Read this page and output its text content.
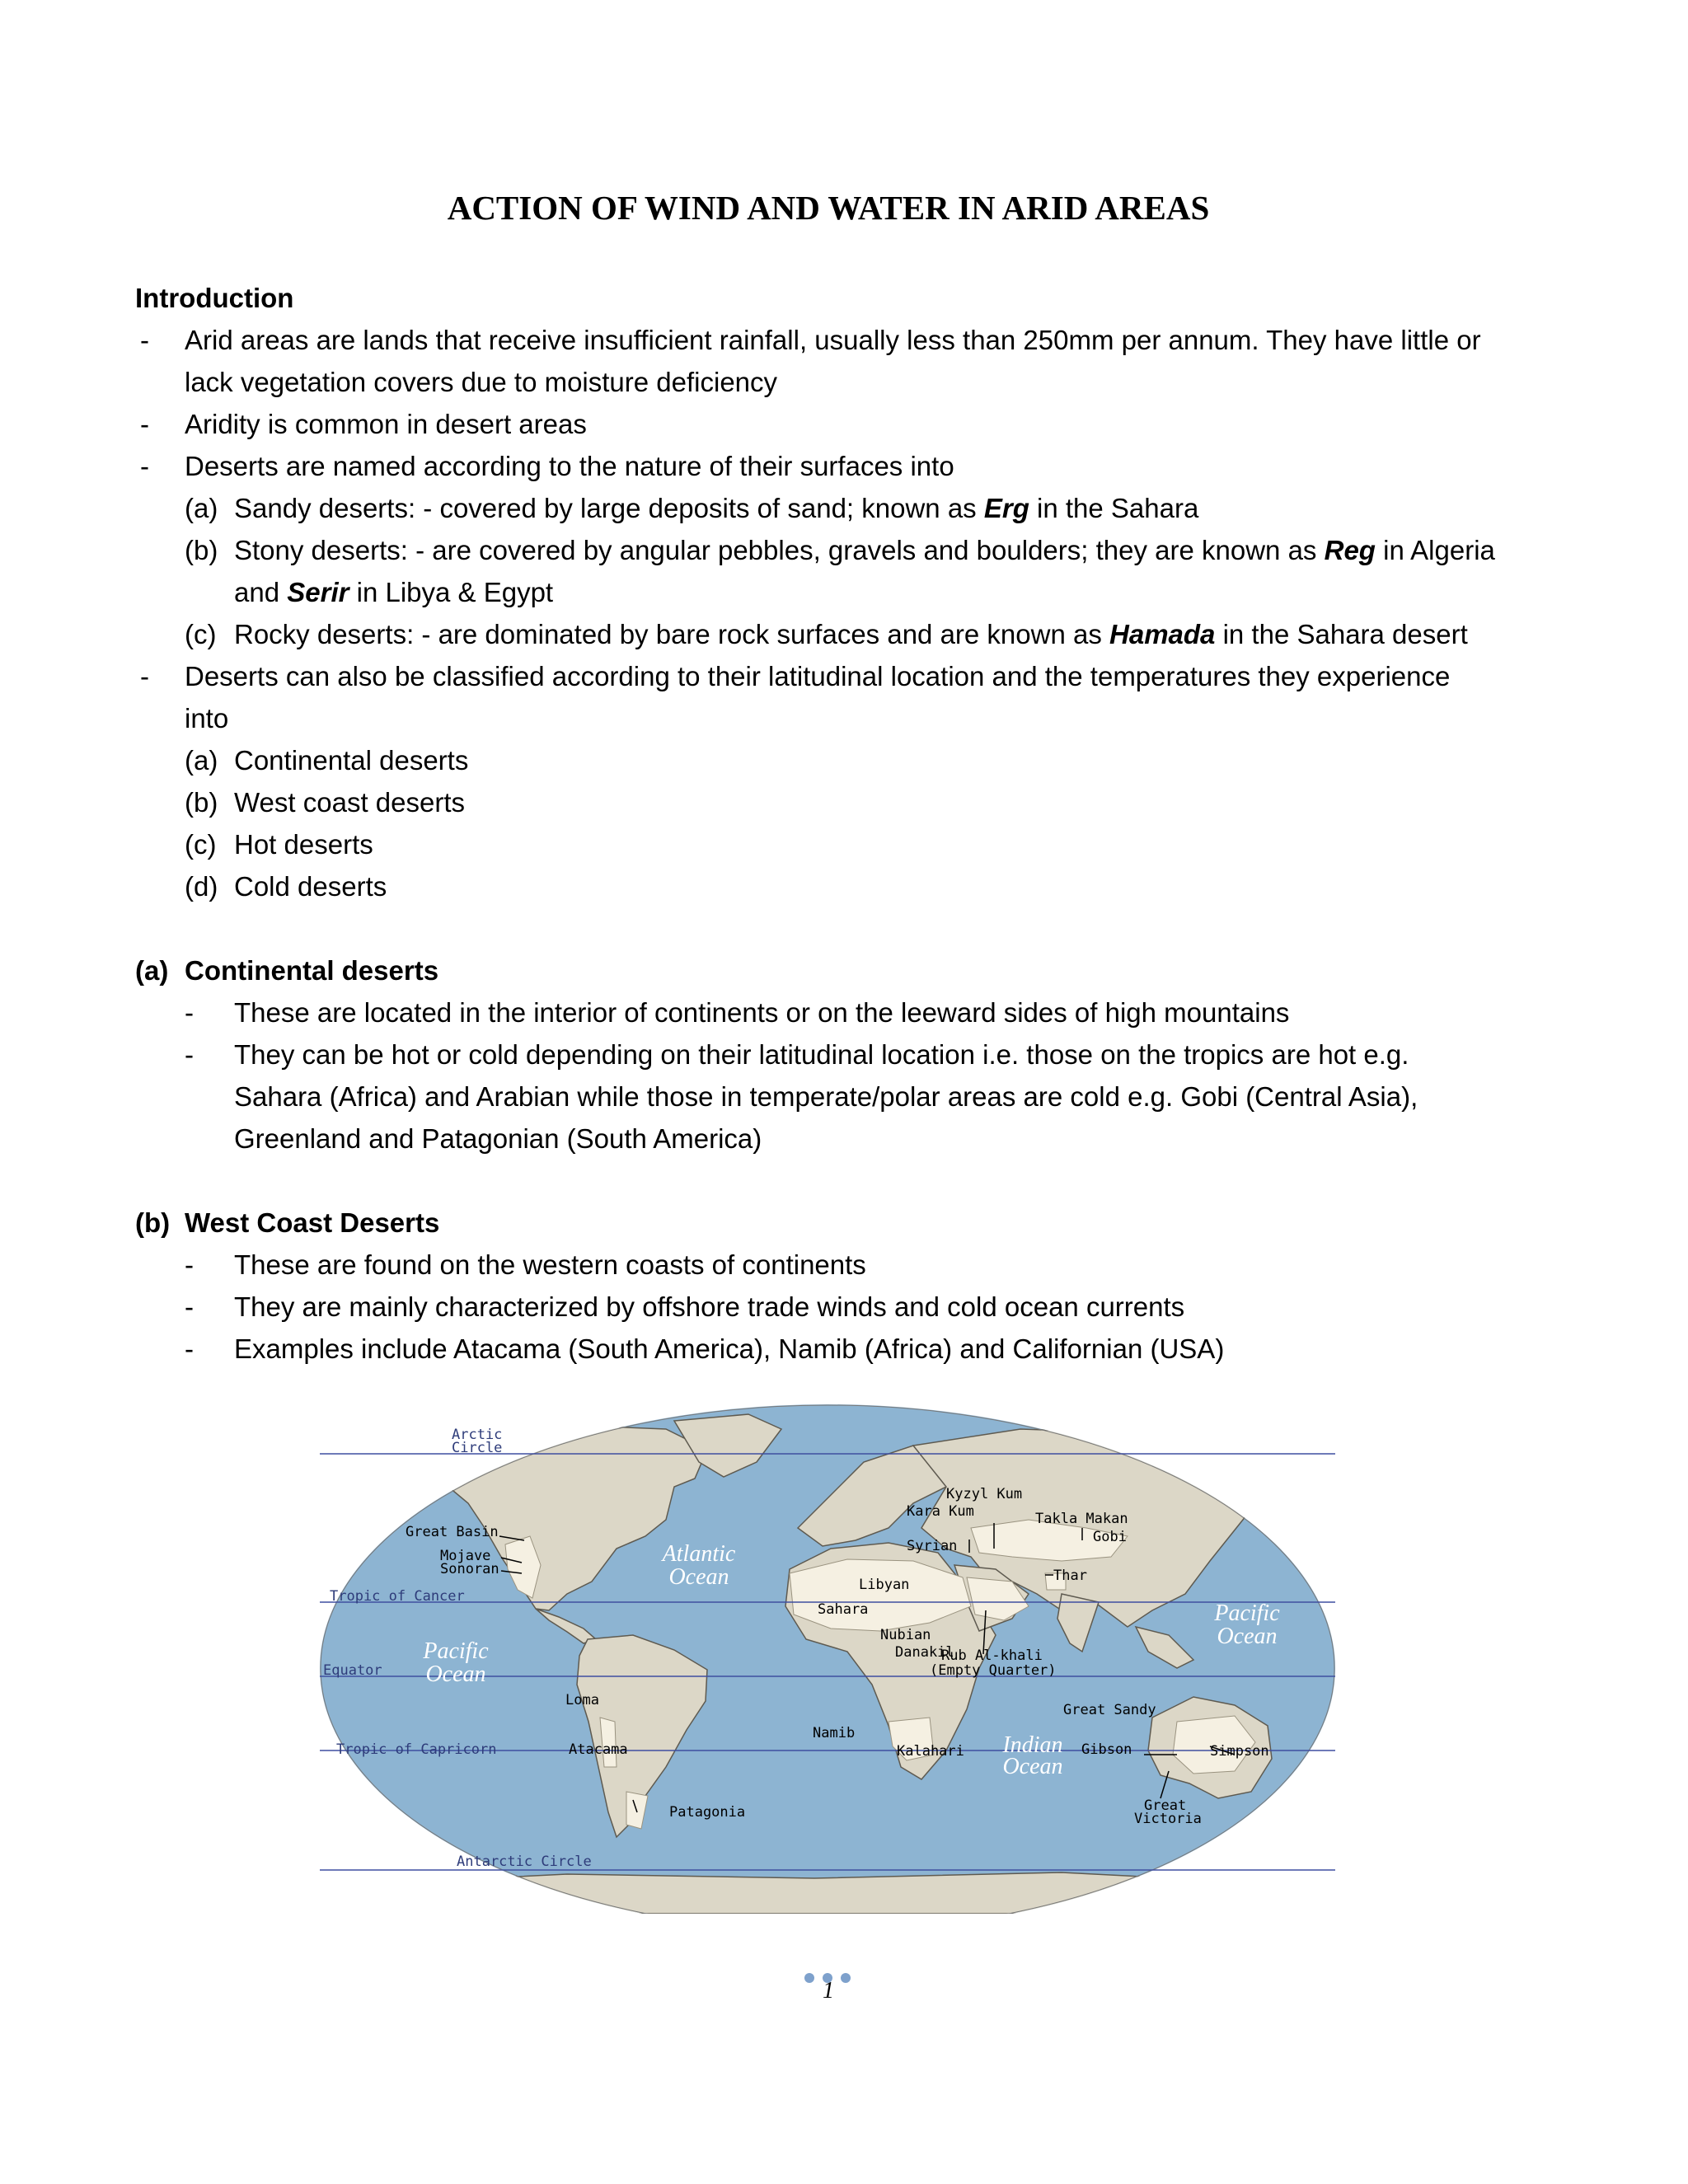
ACTION OF WIND AND WATER IN ARID AREAS
Introduction
- Arid areas are lands that receive insufficient rainfall, usually less than 250mm per annum. They have little or
lack vegetation covers due to moisture deficiency
- Aridity is common in desert areas
- Deserts are named according to the nature of their surfaces into
(a) Sandy deserts: - covered by large deposits of sand; known as Erg in the Sahara
(b) Stony deserts: - are covered by angular pebbles, gravels and boulders; they are known as Reg in Algeria
and Serir in Libya & Egypt
(c) Rocky deserts: - are dominated by bare rock surfaces and are known as Hamada in the Sahara desert
- Deserts can also be classified according to their latitudinal location and the temperatures they experience
into
(a) Continental deserts
(b) West coast deserts
(c) Hot deserts
(d) Cold deserts
(a) Continental deserts
- These are located in the interior of continents or on the leeward sides of high mountains
- They can be hot or cold depending on their latitudinal location i.e. those on the tropics are hot e.g.
Sahara (Africa) and Arabian while those in temperate/polar areas are cold e.g. Gobi (Central Asia),
Greenland and Patagonian (South America)
(b) West Coast Deserts
- These are found on the western coasts of continents
- They are mainly characterized by offshore trade winds and cold ocean currents
- Examples include Atacama (South America), Namib (Africa) and Californian (USA)
Arctic
Circle
Tropic of Cancer
Equator
Tropic of Capricorn
Antarctic Circle
Atlantic
Ocean
Pacific
Ocean
Pacific
Ocean
Indian
Ocean
Great Basin
Mojave
Sonoran
Loma
Atacama
Patagonia
Sahara
Libyan
Nubian
Danakil
Namib
Kalahari
Syrian
Kara Kum
Kyzyl Kum
Takla Makan
Gobi
Thar
Rub Al-khali
(Empty Quarter)
Great Sandy
Gibson	Simpson
Great
Victoria
1
